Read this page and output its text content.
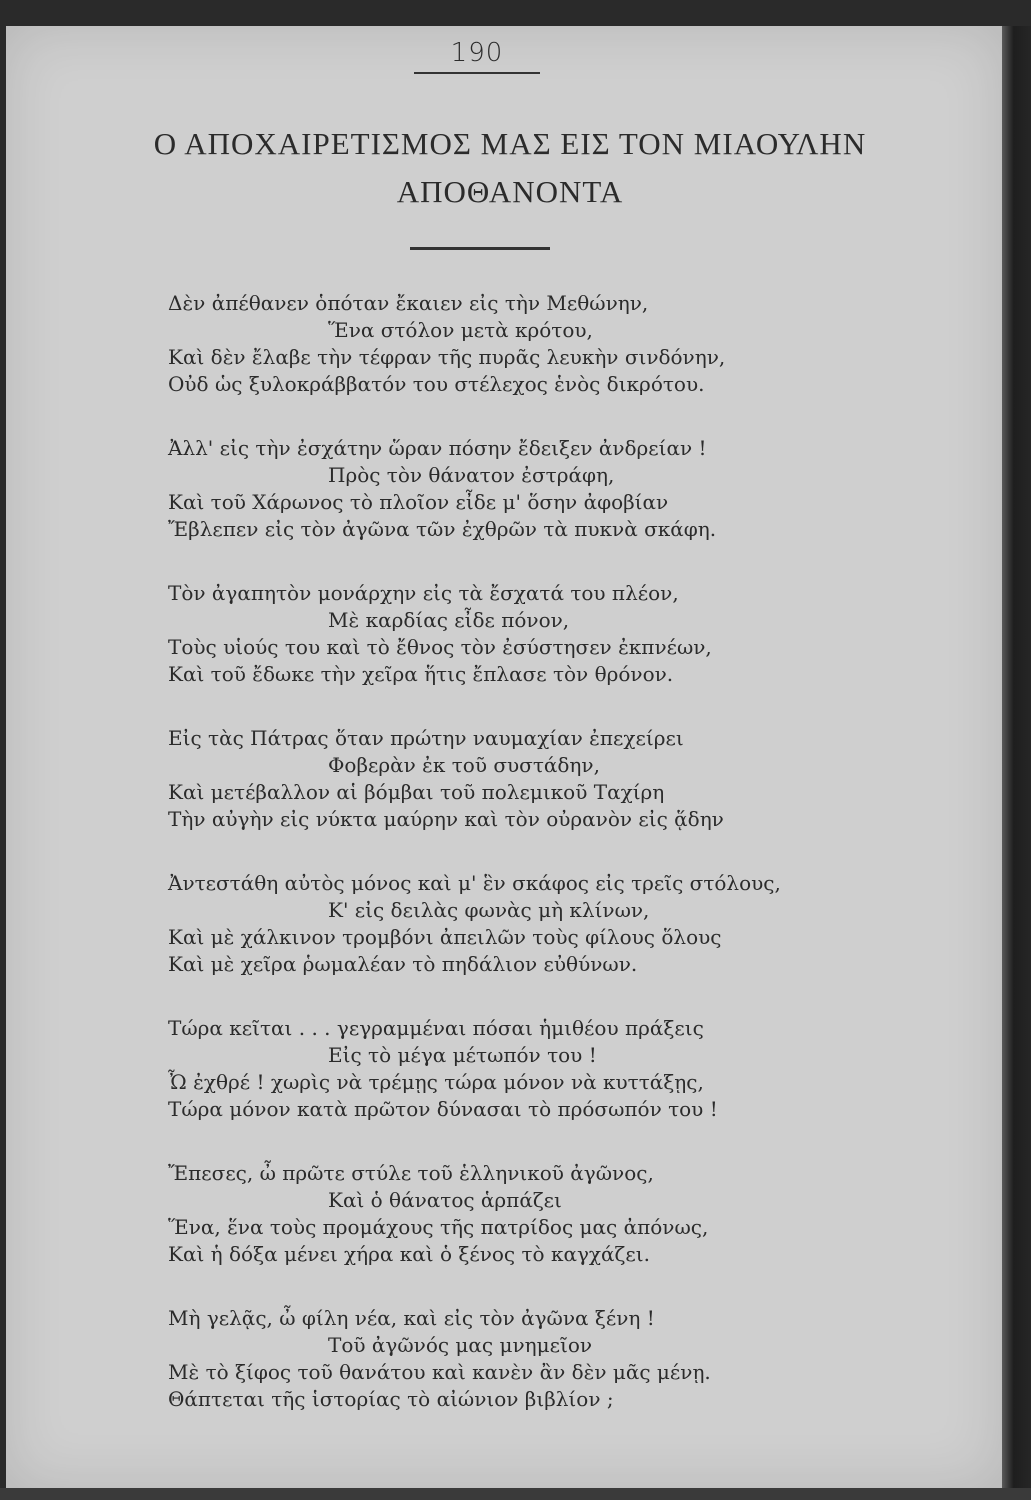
190
Ο ΑΠΟΧΑΙΡΕΤΙΣΜΟΣ ΜΑΣ ΕΙΣ ΤΟΝ ΜΙΑΟΥΛΗΝ
ΑΠΟΘΑΝΟΝΤΑ
Δὲν ἀπέθανεν ὁπόταν ἔκαιεν εἰς τὴν Μεθώνην,
Ἕνα στόλον μετὰ κρότου,
Καὶ δὲν ἔλαβε τὴν τέφραν τῆς πυρᾶς λευκὴν σινδόνην,
Οὐδ ὡς ξυλοκράββατόν του στέλεχος ἑνὸς δικρότου.
Ἀλλ' εἰς τὴν ἐσχάτην ὥραν πόσην ἔδειξεν ἀνδρείαν !
Πρὸς τὸν θάνατον ἐστράφη,
Καὶ τοῦ Χάρωνος τὸ πλοῖον εἶδε μ' ὅσην ἀφοβίαν
Ἔβλεπεν εἰς τὸν ἀγῶνα τῶν ἐχθρῶν τὰ πυκνὰ σκάφη.
Τὸν ἀγαπητὸν μονάρχην εἰς τὰ ἔσχατά του πλέον,
Μὲ καρδίας εἶδε πόνον,
Τοὺς υἱούς του καὶ τὸ ἔθνος τὸν ἐσύστησεν ἐκπνέων,
Καὶ τοῦ ἔδωκε τὴν χεῖρα ἥτις ἔπλασε τὸν θρόνον.
Εἰς τὰς Πάτρας ὅταν πρώτην ναυμαχίαν ἐπεχείρει
Φοβερὰν ἐκ τοῦ συστάδην,
Καὶ μετέβαλλον αἱ βόμβαι τοῦ πολεμικοῦ Ταχίρη
Τὴν αὐγὴν εἰς νύκτα μαύρην καὶ τὸν οὐρανὸν εἰς ᾅδην
Ἀντεστάθη αὐτὸς μόνος καὶ μ' ἓν σκάφος εἰς τρεῖς στόλους,
Κ' εἰς δειλὰς φωνὰς μὴ κλίνων,
Καὶ μὲ χάλκινον τρομβόνι ἀπειλῶν τοὺς φίλους ὅλους
Καὶ μὲ χεῖρα ῥωμαλέαν τὸ πηδάλιον εὐθύνων.
Τώρα κεῖται . . . γεγραμμέναι πόσαι ἡμιθέου πράξεις
Εἰς τὸ μέγα μέτωπόν του !
Ὦ ἐχθρέ ! χωρὶς νὰ τρέμῃς τώρα μόνον νὰ κυττάξῃς,
Τώρα μόνον κατὰ πρῶτον δύνασαι τὸ πρόσωπόν του !
Ἔπεσες, ὦ πρῶτε στύλε τοῦ ἑλληνικοῦ ἀγῶνος,
Καὶ ὁ θάνατος ἁρπάζει
Ἕνα, ἕνα τοὺς προμάχους τῆς πατρίδος μας ἀπόνως,
Καὶ ἡ δόξα μένει χήρα καὶ ὁ ξένος τὸ καγχάζει.
Μὴ γελᾷς, ὦ φίλη νέα, καὶ εἰς τὸν ἀγῶνα ξένη !
Τοῦ ἀγῶνός μας μνημεῖον
Μὲ τὸ ξίφος τοῦ θανάτου καὶ κανὲν ἂν δὲν μᾶς μένῃ.
Θάπτεται τῆς ἱστορίας τὸ αἰώνιον βιβλίον ;
